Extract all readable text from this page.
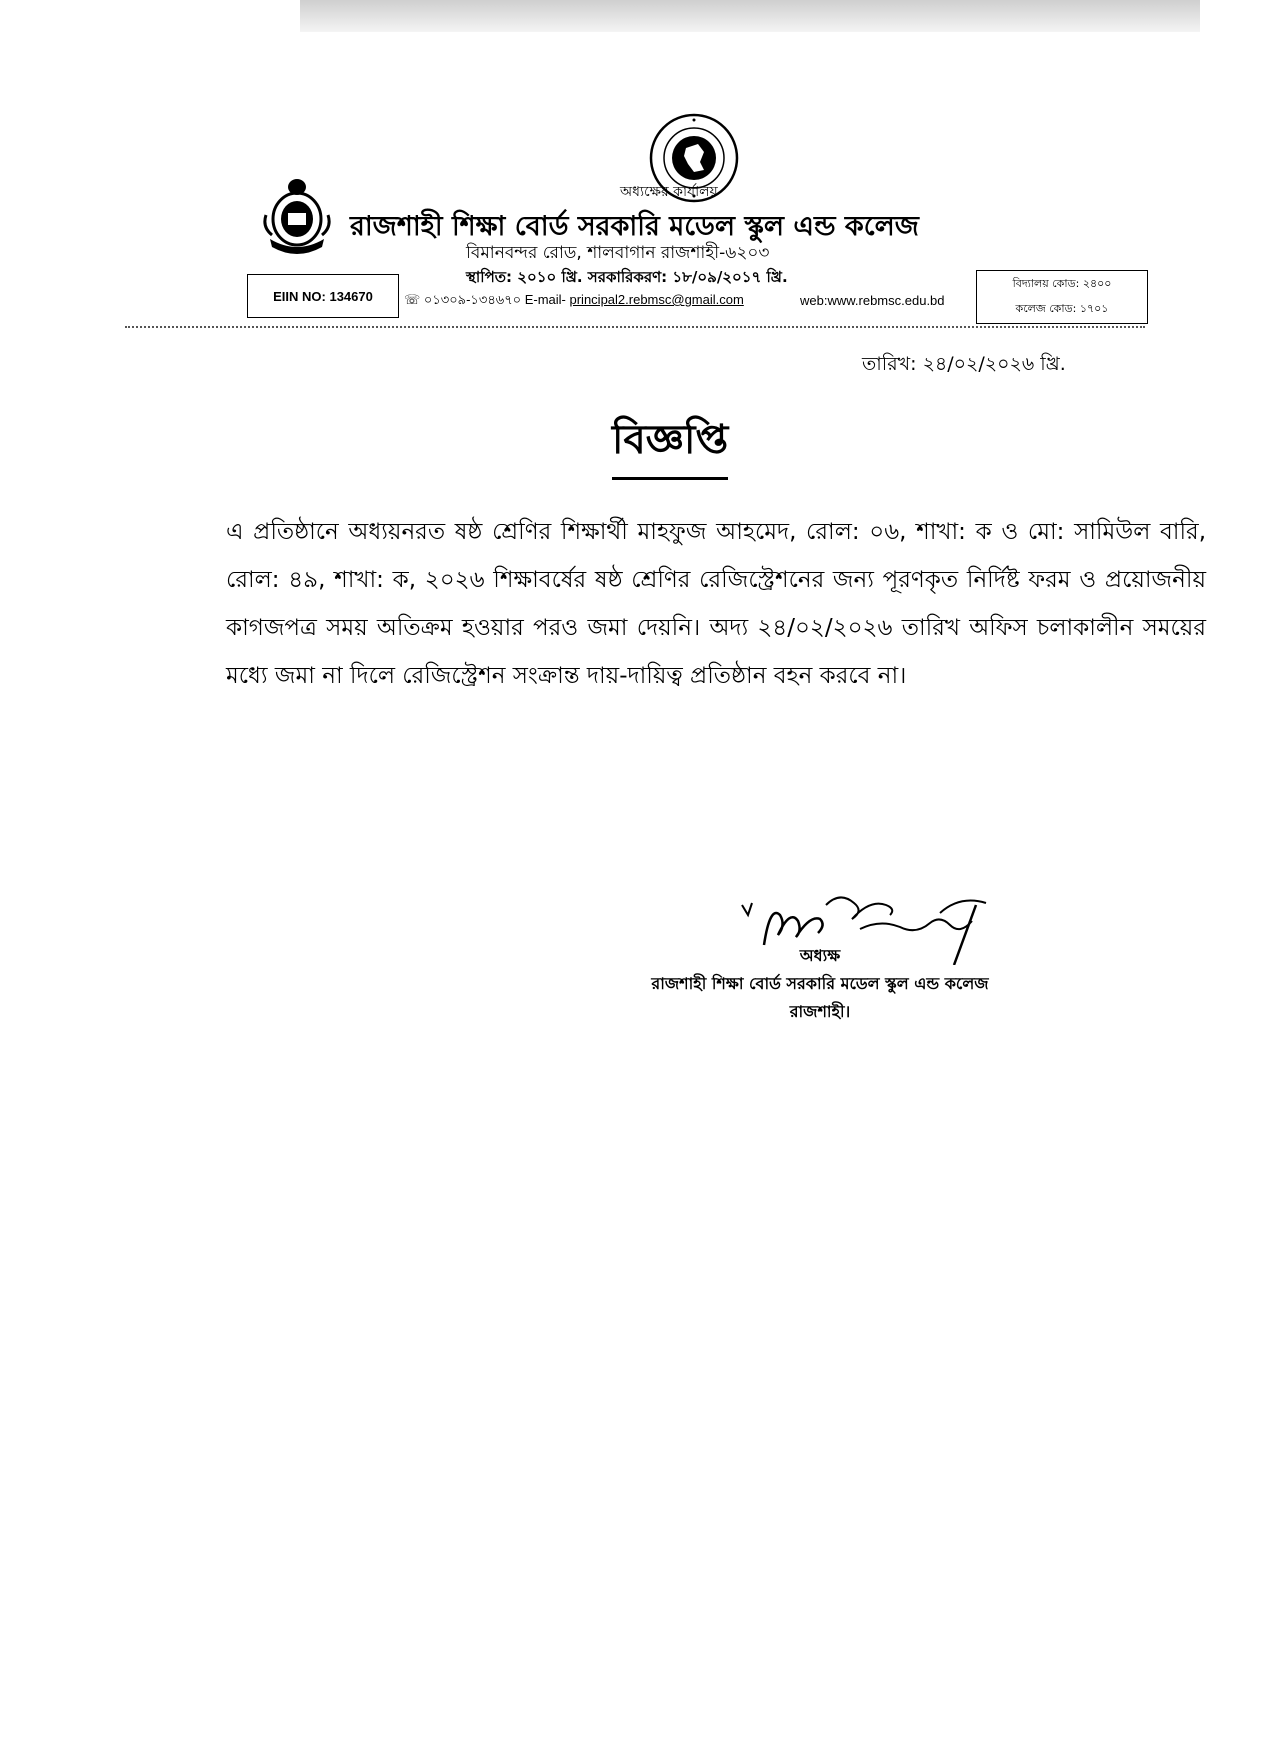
অধ্যক্ষের কার্যালয়
রাজশাহী শিক্ষা বোর্ড সরকারি মডেল স্কুল এন্ড কলেজ
বিমানবন্দর রোড, শালবাগান রাজশাহী-৬২০৩
স্থাপিত: ২০১০ খ্রি. সরকারিকরণ: ১৮/০৯/২০১৭ খ্রি.
EIIN NO: 134670 ☏ ০১৩০৯-১৩৪৬৭০ E-mail- principal2.rebmsc@gmail.com	web:www.rebmsc.edu.bd
বিদ্যালয় কোড: ২৪০০
কলেজ কোড: ১৭০১
তারিখ: ২৪/০২/২০২৬ খ্রি.
বিজ্ঞপ্তি
এ প্রতিষ্ঠানে অধ্যয়নরত ষষ্ঠ শ্রেণির শিক্ষার্থী মাহফুজ আহমেদ, রোল: ০৬, শাখা: ক ও মো: সামিউল বারি, রোল: ৪৯, শাখা: ক, ২০২৬ শিক্ষাবর্ষের ষষ্ঠ শ্রেণির রেজিস্ট্রেশনের জন্য পূরণকৃত নির্দিষ্ট ফরম ও প্রয়োজনীয় কাগজপত্র সময় অতিক্রম হওয়ার পরও জমা দেয়নি। অদ্য ২৪/০২/২০২৬ তারিখ অফিস চলাকালীন সময়ের মধ্যে জমা না দিলে রেজিস্ট্রেশন সংক্রান্ত দায়-দায়িত্ব প্রতিষ্ঠান বহন করবে না।
অধ্যক্ষ
রাজশাহী শিক্ষা বোর্ড সরকারি মডেল স্কুল এন্ড কলেজ
রাজশাহী।
